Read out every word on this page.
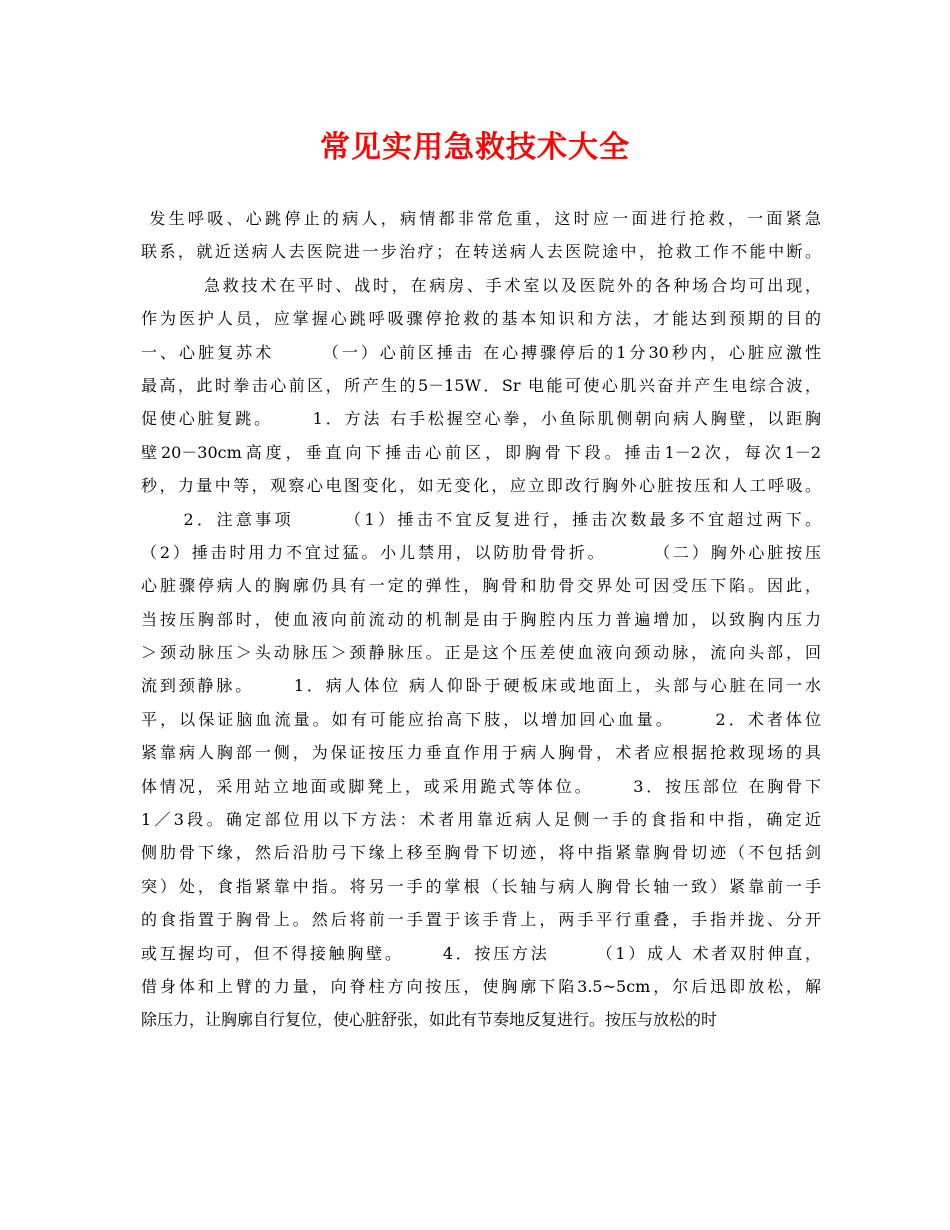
常见实用急救技术大全
发生呼吸、心跳停止的病人，病情都非常危重，这时应一面进行抢救，一面紧急
联系，就近送病人去医院进一步治疗；在转送病人去医院途中，抢救工作不能中断。
急救技术在平时、战时，在病房、手术室以及医院外的各种场合均可出现，
作为医护人员，应掌握心跳呼吸骤停抢救的基本知识和方法，才能达到预期的目的
一、心脏复苏术      （一）心前区捶击 在心搏骤停后的1分30秒内，心脏应激性
最高，此时拳击心前区，所产生的5－15W．Sr 电能可使心肌兴奋并产生电综合波，
促使心脏复跳。     1．方法 右手松握空心拳，小鱼际肌侧朝向病人胸壁，以距胸
壁20－30cm高度，垂直向下捶击心前区，即胸骨下段。捶击1－2次，每次1－2
秒，力量中等，观察心电图变化，如无变化，应立即改行胸外心脏按压和人工呼吸。
2．注意事项      （1）捶击不宜反复进行，捶击次数最多不宜超过两下。
（2）捶击时用力不宜过猛。小儿禁用，以防肋骨骨折。      （二）胸外心脏按压
心脏骤停病人的胸廓仍具有一定的弹性，胸骨和肋骨交界处可因受压下陷。因此，
当按压胸部时，使血液向前流动的机制是由于胸腔内压力普遍增加，以致胸内压力
＞颈动脉压＞头动脉压＞颈静脉压。正是这个压差使血液向颈动脉，流向头部，回
流到颈静脉。     1．病人体位 病人仰卧于硬板床或地面上，头部与心脏在同一水
平，以保证脑血流量。如有可能应抬高下肢，以增加回心血量。     2．术者体位
紧靠病人胸部一侧，为保证按压力垂直作用于病人胸骨，术者应根据抢救现场的具
体情况，采用站立地面或脚凳上，或采用跪式等体位。     3．按压部位 在胸骨下
1／3段。确定部位用以下方法：术者用靠近病人足侧一手的食指和中指，确定近
侧肋骨下缘，然后沿肋弓下缘上移至胸骨下切迹，将中指紧靠胸骨切迹（不包括剑
突）处，食指紧靠中指。将另一手的掌根（长轴与病人胸骨长轴一致）紧靠前一手
的食指置于胸骨上。然后将前一手置于该手背上，两手平行重叠，手指并拢、分开
或互握均可，但不得接触胸壁。     4．按压方法      （1）成人 术者双肘伸直，
借身体和上臂的力量，向脊柱方向按压，使胸廓下陷3.5~5cm，尔后迅即放松，解
除压力，让胸廓自行复位，使心脏舒张，如此有节奏地反复进行。按压与放松的时
